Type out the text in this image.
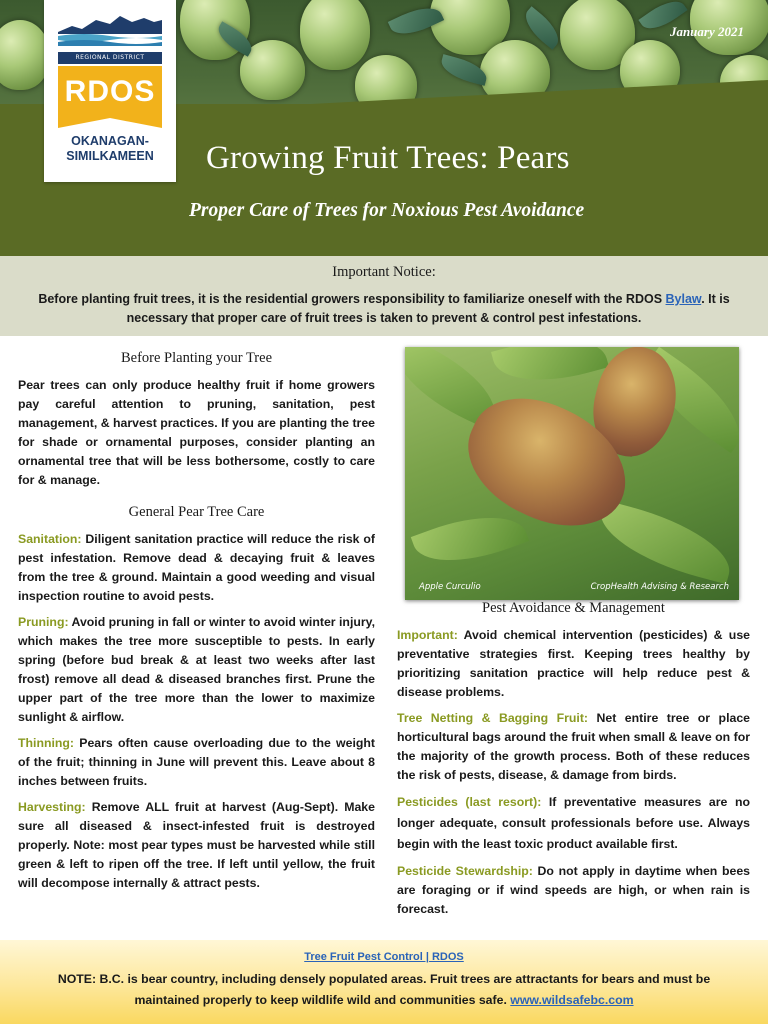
January 2021
REGIONAL DISTRICT
RDOS
OKANAGAN-
SIMILKAMEEN	Growing Fruit Trees: Pears
Proper Care of Trees for Noxious Pest Avoidance
Important Notice:
Before planting fruit trees, it is the residential growers responsibility to familiarize oneself with the RDOS Bylaw. It is necessary that proper care of fruit trees is taken to prevent & control pest infestations.
Before Planting your Tree

Pear trees can only produce healthy fruit if home growers pay careful attention to pruning, sanitation, pest management, & harvest practices. If you are planting the tree for shade or ornamental purposes, consider planting an ornamental tree that will be less bothersome, costly to care for & manage.

General Pear Tree Care

Sanitation: Diligent sanitation practice will reduce the risk of pest infestation. Remove dead & decaying fruit & leaves from the tree & ground. Maintain a good weeding and visual inspection routine to avoid pests.

Pruning: Avoid pruning in fall or winter to avoid winter injury, which makes the tree more susceptible to pests. In early spring (before bud break & at least two weeks after last frost) remove all dead & diseased branches first. Prune the upper part of the tree more than the lower to maximize sunlight & airflow.

Thinning: Pears often cause overloading due to the weight of the fruit; thinning in June will prevent this. Leave about 8 inches between fruits.

Harvesting: Remove ALL fruit at harvest (Aug-Sept). Make sure all diseased & insect-infested fruit is destroyed properly. Note: most pear types must be harvested while still green & left to ripen off the tree. If left until yellow, the fruit will decompose internally & attract pests.

Apple Curculio	CropHealth Advising & Research
Pest Avoidance & Management

Important: Avoid chemical intervention (pesticides) & use preventative strategies first. Keeping trees healthy by prioritizing sanitation practice will help reduce pest & disease problems.

Tree Netting & Bagging Fruit: Net entire tree or place horticultural bags around the fruit when small & leave on for the majority of the growth process. Both of these reduces the risk of pests, disease, & damage from birds.

Pesticides (last resort): If preventative measures are no longer adequate, consult professionals before use. Always begin with the least toxic product available first.

Pesticide Stewardship: Do not apply in daytime when bees are foraging or if wind speeds are high, or when rain is forecast.

Tree Fruit Pest Control | RDOS
NOTE: B.C. is bear country, including densely populated areas. Fruit trees are attractants for bears and must be maintained properly to keep wildlife wild and communities safe. www.wildsafebc.com
